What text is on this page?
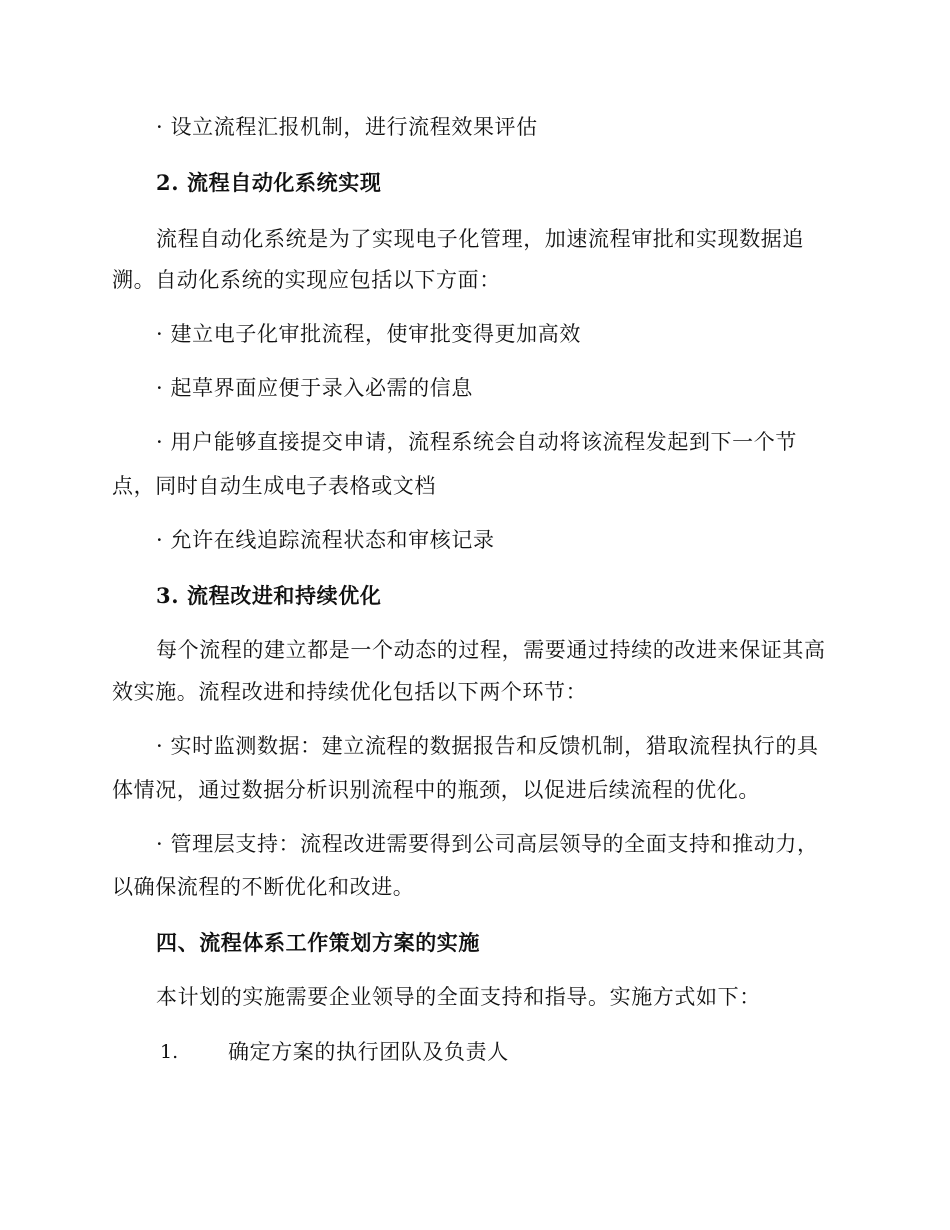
· 设立流程汇报机制，进行流程效果评估
2. 流程自动化系统实现
流程自动化系统是为了实现电子化管理，加速流程审批和实现数据追
溯。自动化系统的实现应包括以下方面：
· 建立电子化审批流程，使审批变得更加高效
· 起草界面应便于录入必需的信息
· 用户能够直接提交申请，流程系统会自动将该流程发起到下一个节
点，同时自动生成电子表格或文档
· 允许在线追踪流程状态和审核记录
3. 流程改进和持续优化
每个流程的建立都是一个动态的过程，需要通过持续的改进来保证其高
效实施。流程改进和持续优化包括以下两个环节：
· 实时监测数据：建立流程的数据报告和反馈机制，猎取流程执行的具
体情况，通过数据分析识别流程中的瓶颈，以促进后续流程的优化。
· 管理层支持：流程改进需要得到公司高层领导的全面支持和推动力，
以确保流程的不断优化和改进。
四、流程体系工作策划方案的实施
本计划的实施需要企业领导的全面支持和指导。实施方式如下：
1. 确定方案的执行团队及负责人
